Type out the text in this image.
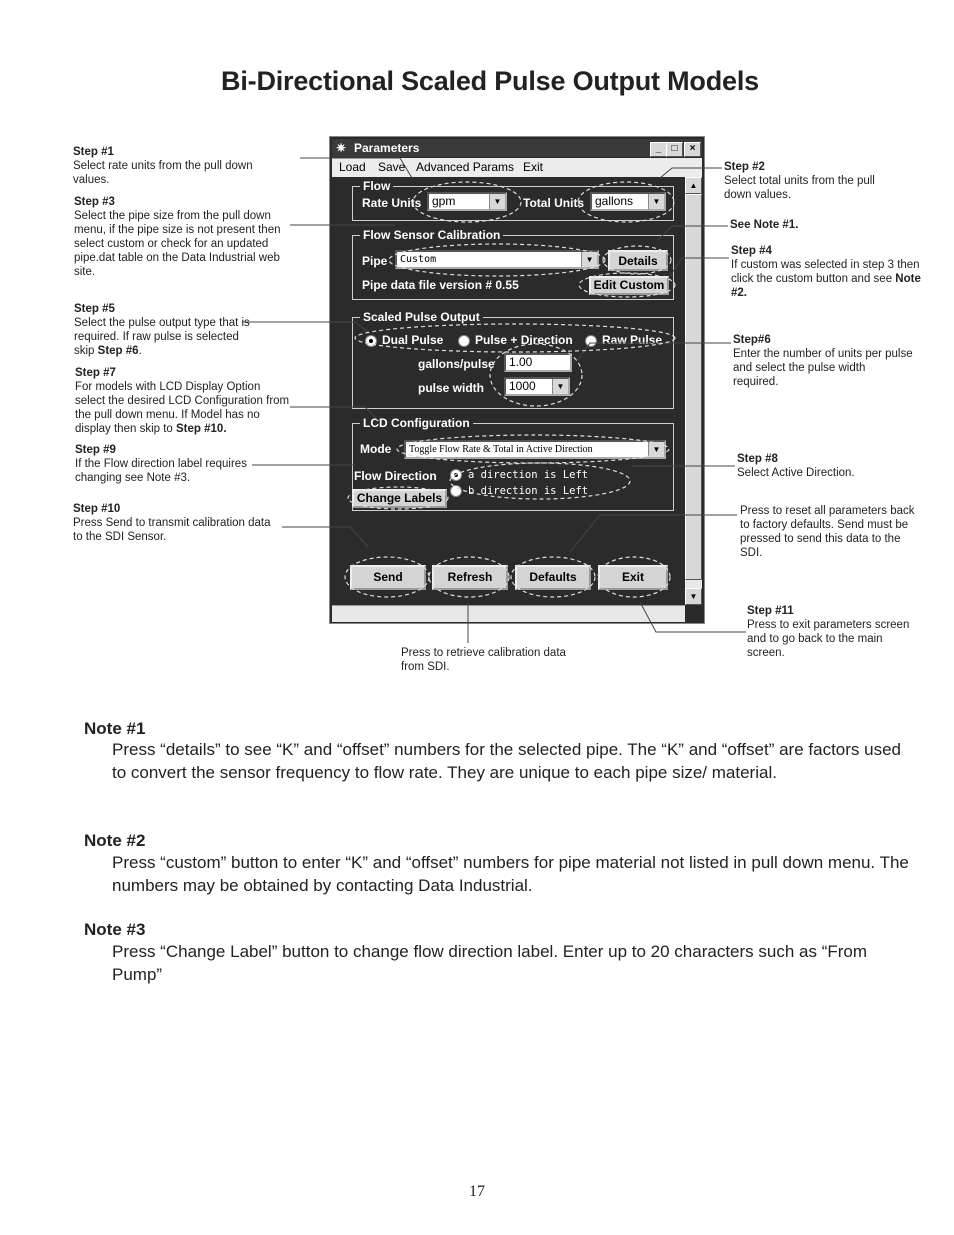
Bi-Directional Scaled Pulse Output Models
Step #1
Select rate units from the pull down values.
Step #3
Select the pipe size from the pull down menu, if the pipe size is not present then select custom or check for an updated pipe.dat table on the Data Industrial web site.
Step #5
Select the pulse output type that is required. If raw pulse is selected skip Step #6.
Step #7
For models with LCD Display Option select the desired LCD Configuration from the pull down menu. If Model has no display then skip to Step #10.
Step #9
If the Flow direction label requires changing see Note #3.
Step #10
Press Send to transmit calibration data to the SDI Sensor.
Step #2
Select total units from the pull down values.
See Note #1.
Step #4
If custom was selected in step 3 then click the custom button and see Note #2.
Step#6
Enter the number of units per pulse and select the pulse width required.
Step #8
Select Active Direction.
Press to reset all parameters back to factory defaults. Send must be pressed to send this data to the SDI.
Step #11
Press to exit parameters screen and to go back to the main screen.
Press to retrieve calibration data from SDI.
✷ Parameters	_	□	×
Load Save Advanced Params Exit
Flow
Rate Units gpm	▼ Total Units gallons	▼
Flow Sensor Calibration
Pipe	Custom	▼	Details
Pipe data file version # 0.55	Edit Custom
Scaled Pulse Output
Dual Pulse	Pulse + Direction Raw Pulse
gallons/pulse	1.00
pulse width	1000	▼
LCD Configuration
Mode	Toggle Flow Rate & Total in Active Direction	▼
Flow Direction	a direction is Left
b direction is Left
Change Labels
Send	Refresh	Defaults	Exit
▲
▼
Note #1
Press “details” to see “K” and “offset” numbers for the selected pipe. The “K” and “offset” are factors used to convert the sensor frequency to flow rate. They are unique to each pipe size/ material.
Note #2
Press “custom” button to enter “K” and “offset” numbers for pipe material not listed in pull down menu. The numbers may be obtained by contacting Data Industrial.
Note #3
Press “Change Label” button to change flow direction label. Enter up to 20 characters such as “From Pump”
17
